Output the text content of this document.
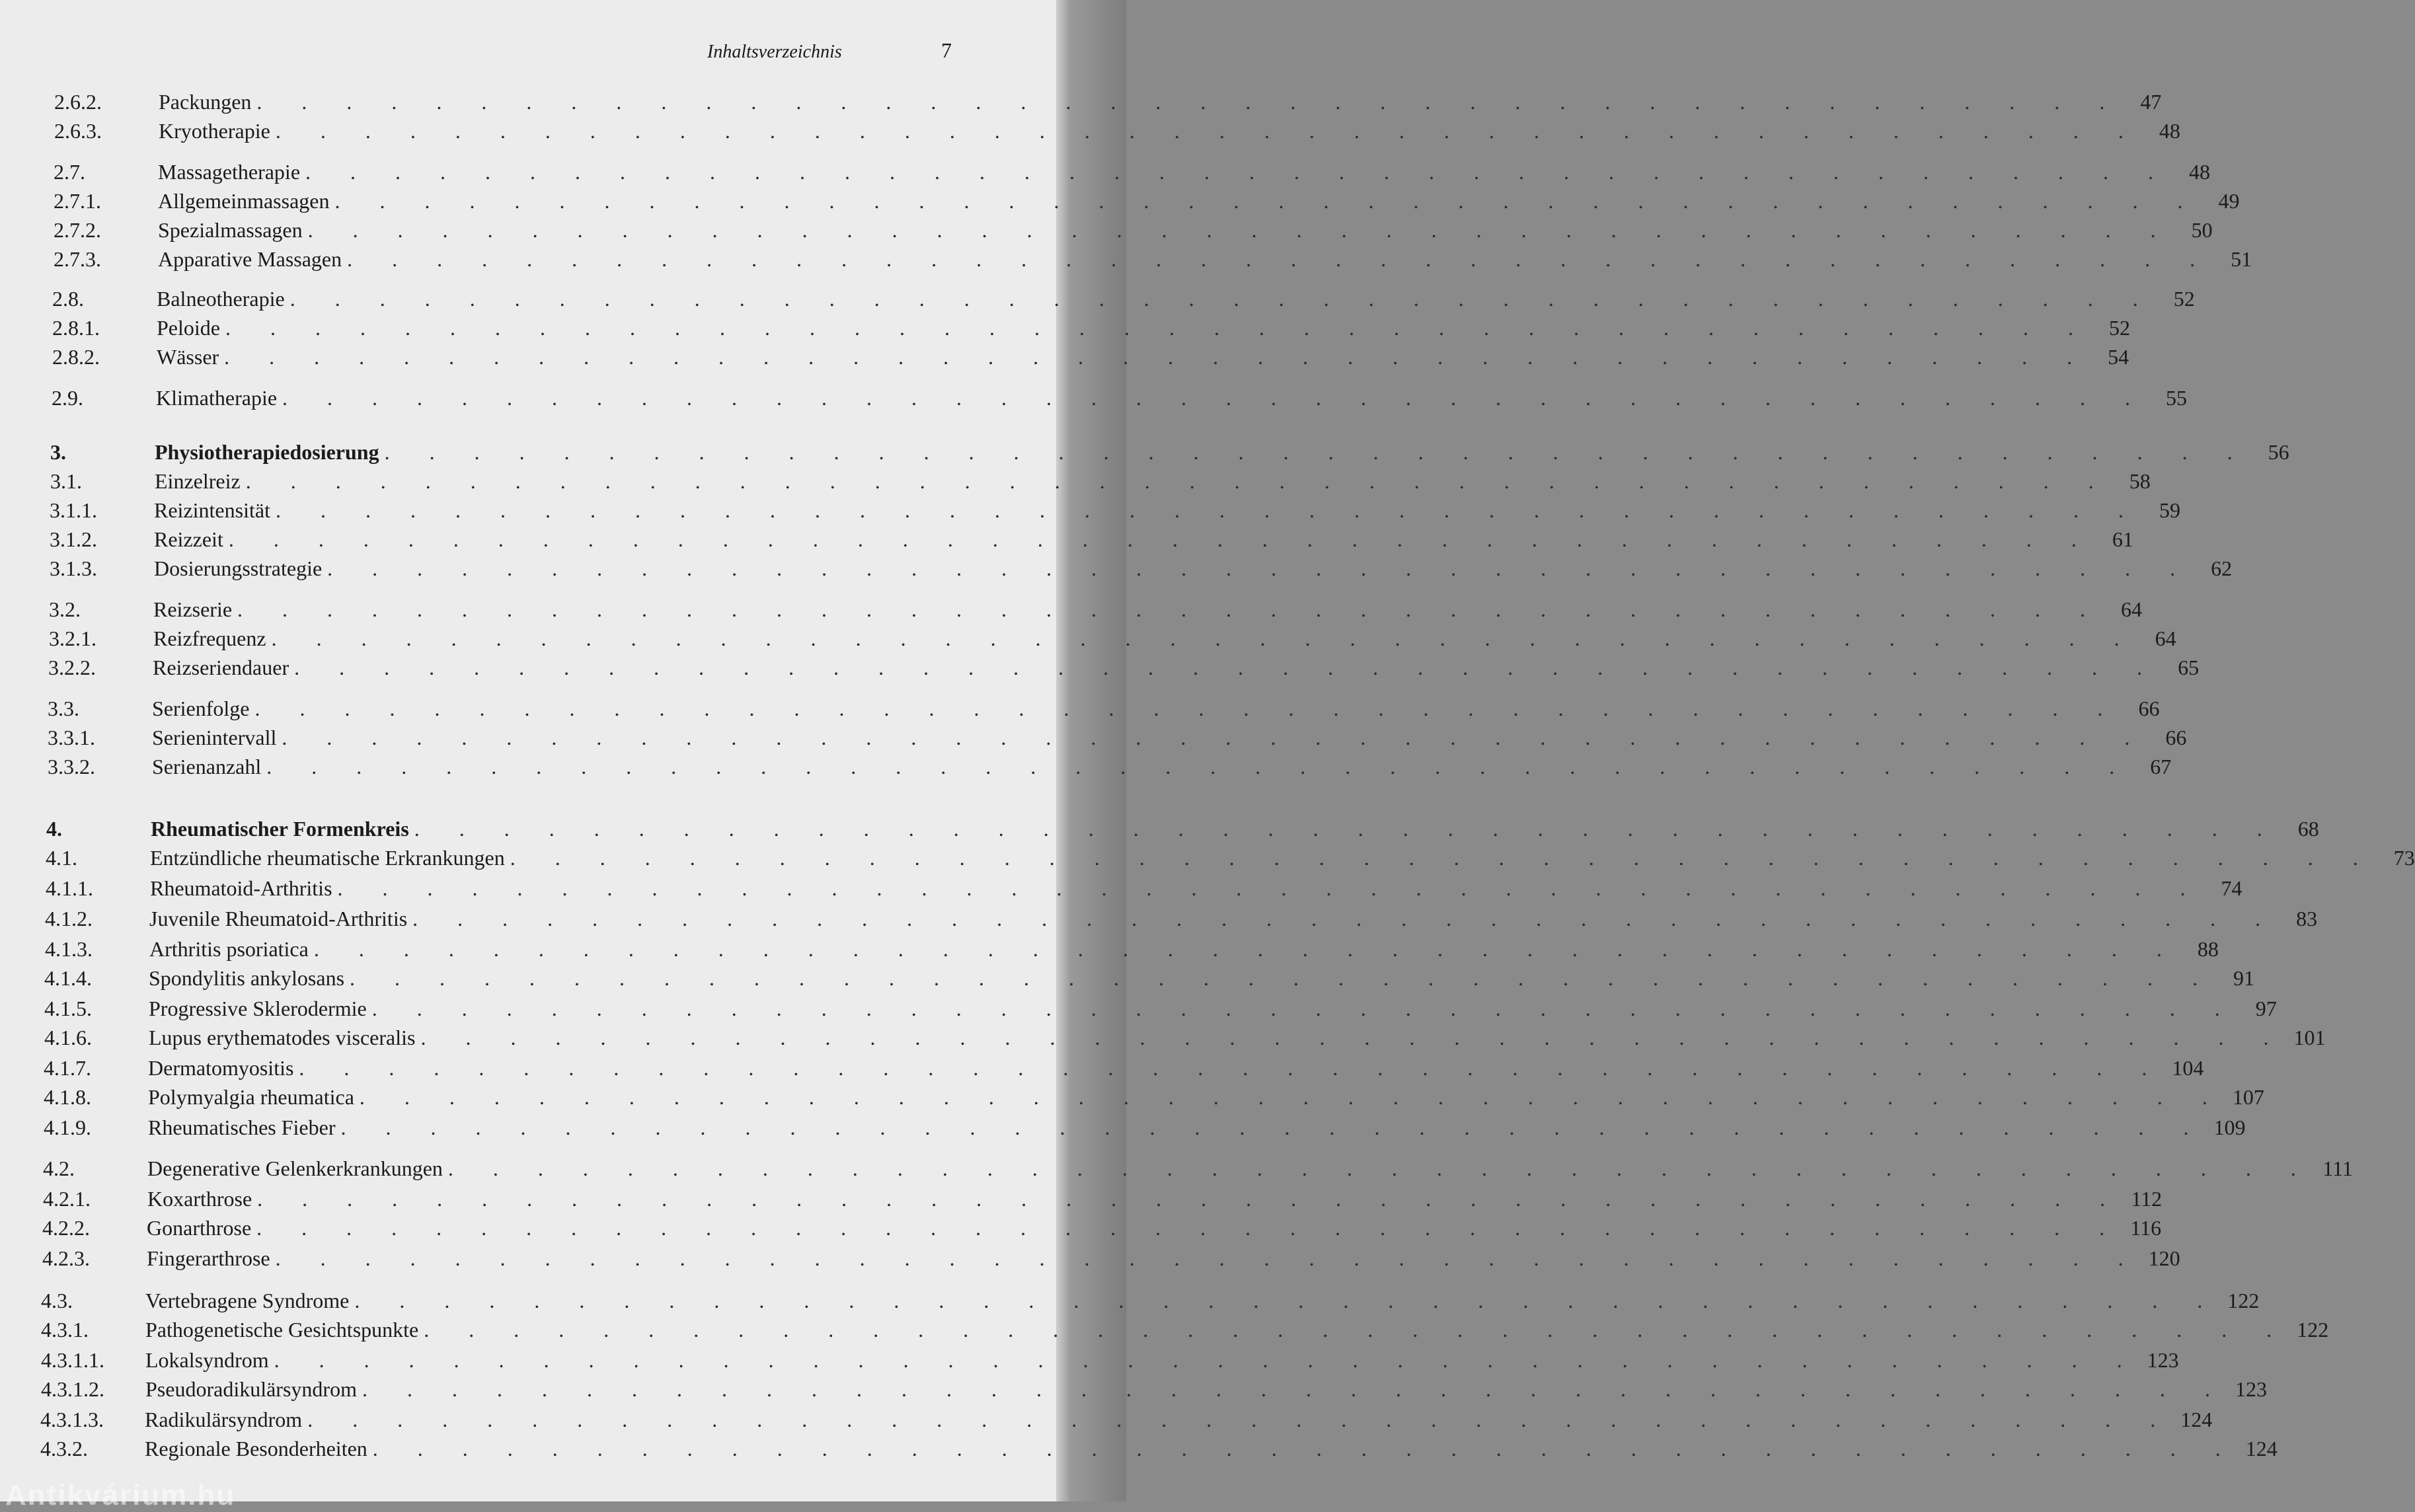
Inhaltsverzeichnis	7
2.6.2.	Packungen . . . . . . . . . . . . . . . . . . . . . . . . . . . . . . . . . . . . . . . . . . 47
2.6.3.	Kryotherapie . . . . . . . . . . . . . . . . . . . . . . . . . . . . . . . . . . . . . . . . . . 48
2.7.	Massagetherapie . . . . . . . . . . . . . . . . . . . . . . . . . . . . . . . . . . . . . . . . . . 48
2.7.1.	Allgemeinmassagen . . . . . . . . . . . . . . . . . . . . . . . . . . . . . . . . . . . . . . . . . . 49
2.7.2.	Spezialmassagen . . . . . . . . . . . . . . . . . . . . . . . . . . . . . . . . . . . . . . . . . . 50
2.7.3.	Apparative Massagen . . . . . . . . . . . . . . . . . . . . . . . . . . . . . . . . . . . . . . . . . . 51
2.8.	Balneotherapie . . . . . . . . . . . . . . . . . . . . . . . . . . . . . . . . . . . . . . . . . . 52
2.8.1.	Peloide . . . . . . . . . . . . . . . . . . . . . . . . . . . . . . . . . . . . . . . . . . 52
2.8.2.	Wässer . . . . . . . . . . . . . . . . . . . . . . . . . . . . . . . . . . . . . . . . . . 54
2.9.	Klimatherapie . . . . . . . . . . . . . . . . . . . . . . . . . . . . . . . . . . . . . . . . . . 55
3.	Physiotherapiedosierung . . . . . . . . . . . . . . . . . . . . . . . . . . . . . . . . . . . . . . . . . . 56
3.1.	Einzelreiz . . . . . . . . . . . . . . . . . . . . . . . . . . . . . . . . . . . . . . . . . . 58
3.1.1.	Reizintensität . . . . . . . . . . . . . . . . . . . . . . . . . . . . . . . . . . . . . . . . . . 59
3.1.2.	Reizzeit . . . . . . . . . . . . . . . . . . . . . . . . . . . . . . . . . . . . . . . . . . 61
3.1.3.	Dosierungsstrategie . . . . . . . . . . . . . . . . . . . . . . . . . . . . . . . . . . . . . . . . . . 62
3.2.	Reizserie . . . . . . . . . . . . . . . . . . . . . . . . . . . . . . . . . . . . . . . . . . 64
3.2.1.	Reizfrequenz . . . . . . . . . . . . . . . . . . . . . . . . . . . . . . . . . . . . . . . . . . 64
3.2.2.	Reizseriendauer . . . . . . . . . . . . . . . . . . . . . . . . . . . . . . . . . . . . . . . . . . 65
3.3.	Serienfolge . . . . . . . . . . . . . . . . . . . . . . . . . . . . . . . . . . . . . . . . . . 66
3.3.1.	Serienintervall . . . . . . . . . . . . . . . . . . . . . . . . . . . . . . . . . . . . . . . . . . 66
3.3.2.	Serienanzahl . . . . . . . . . . . . . . . . . . . . . . . . . . . . . . . . . . . . . . . . . . 67
4.	Rheumatischer Formenkreis . . . . . . . . . . . . . . . . . . . . . . . . . . . . . . . . . . . . . . . . . . 68
4.1.	Entzündliche rheumatische Erkrankungen . . . . . . . . . . . . . . . . . . . . . . . . . . . . . . . . . . . . . . . . . . 73
4.1.1.	Rheumatoid-Arthritis . . . . . . . . . . . . . . . . . . . . . . . . . . . . . . . . . . . . . . . . . . 74
4.1.2.	Juvenile Rheumatoid-Arthritis . . . . . . . . . . . . . . . . . . . . . . . . . . . . . . . . . . . . . . . . . . 83
4.1.3.	Arthritis psoriatica . . . . . . . . . . . . . . . . . . . . . . . . . . . . . . . . . . . . . . . . . . 88
4.1.4.	Spondylitis ankylosans . . . . . . . . . . . . . . . . . . . . . . . . . . . . . . . . . . . . . . . . . . 91
4.1.5.	Progressive Sklerodermie . . . . . . . . . . . . . . . . . . . . . . . . . . . . . . . . . . . . . . . . . . 97
4.1.6.	Lupus erythematodes visceralis . . . . . . . . . . . . . . . . . . . . . . . . . . . . . . . . . . . . . . . . . . 101
4.1.7.	Dermatomyositis . . . . . . . . . . . . . . . . . . . . . . . . . . . . . . . . . . . . . . . . . . 104
4.1.8.	Polymyalgia rheumatica . . . . . . . . . . . . . . . . . . . . . . . . . . . . . . . . . . . . . . . . . . 107
4.1.9.	Rheumatisches Fieber . . . . . . . . . . . . . . . . . . . . . . . . . . . . . . . . . . . . . . . . . . 109
4.2.	Degenerative Gelenkerkrankungen . . . . . . . . . . . . . . . . . . . . . . . . . . . . . . . . . . . . . . . . . . 111
4.2.1.	Koxarthrose . . . . . . . . . . . . . . . . . . . . . . . . . . . . . . . . . . . . . . . . . . 112
4.2.2.	Gonarthrose . . . . . . . . . . . . . . . . . . . . . . . . . . . . . . . . . . . . . . . . . . 116
4.2.3.	Fingerarthrose . . . . . . . . . . . . . . . . . . . . . . . . . . . . . . . . . . . . . . . . . . 120
4.3.	Vertebragene Syndrome . . . . . . . . . . . . . . . . . . . . . . . . . . . . . . . . . . . . . . . . . . 122
4.3.1.	Pathogenetische Gesichtspunkte . . . . . . . . . . . . . . . . . . . . . . . . . . . . . . . . . . . . . . . . . . 122
4.3.1.1.	Lokalsyndrom . . . . . . . . . . . . . . . . . . . . . . . . . . . . . . . . . . . . . . . . . . 123
4.3.1.2.	Pseudoradikulärsyndrom . . . . . . . . . . . . . . . . . . . . . . . . . . . . . . . . . . . . . . . . . . 123
4.3.1.3.	Radikulärsyndrom . . . . . . . . . . . . . . . . . . . . . . . . . . . . . . . . . . . . . . . . . . 124
4.3.2.	Regionale Besonderheiten . . . . . . . . . . . . . . . . . . . . . . . . . . . . . . . . . . . . . . . . . . 124
Antikvárium.hu
